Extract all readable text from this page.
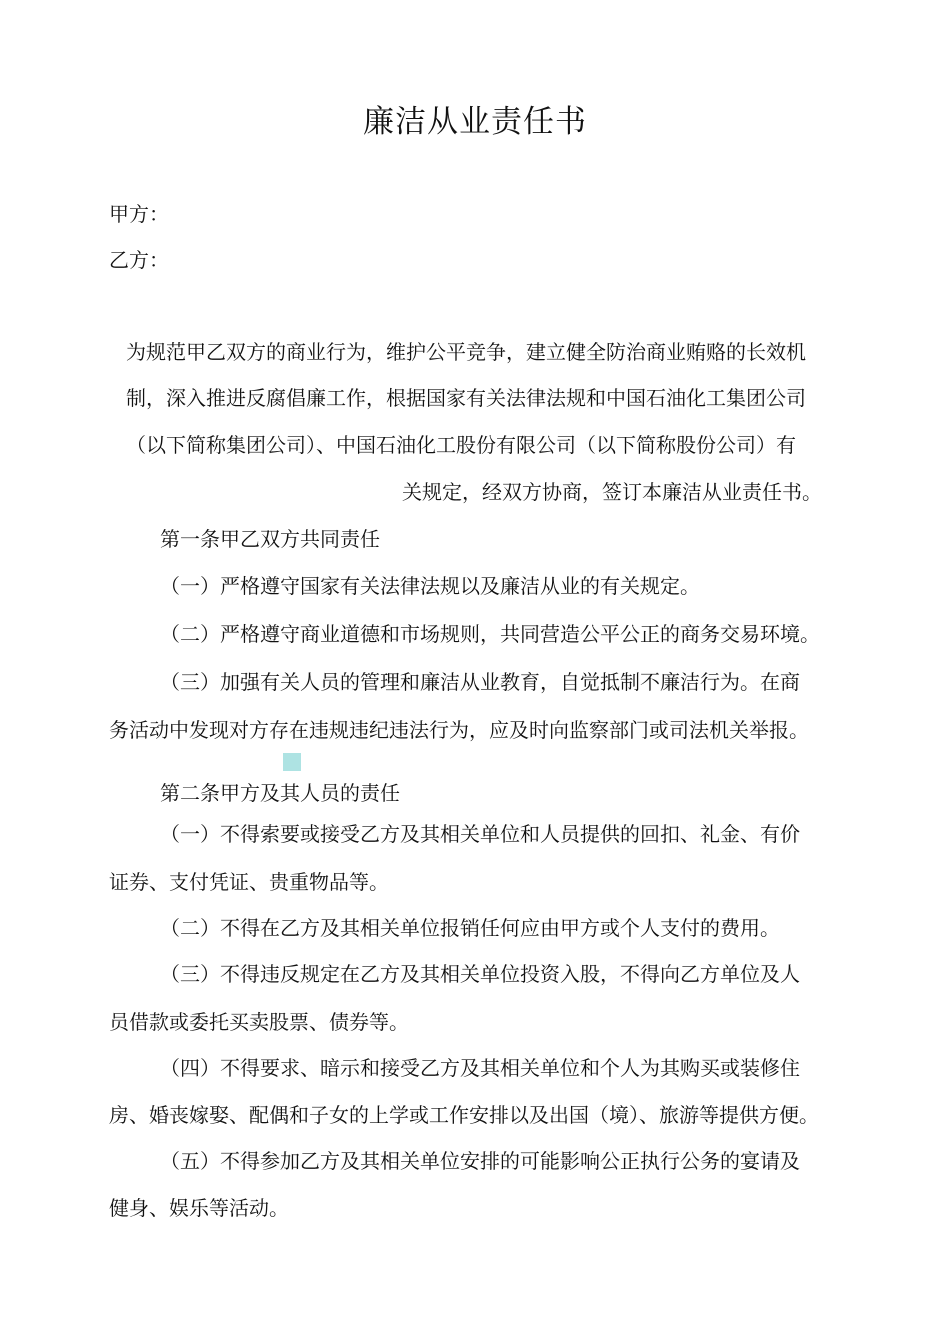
廉洁从业责任书
甲方：
乙方：
为规范甲乙双方的商业行为，维护公平竞争，建立健全防治商业贿赂的长效机
制，深入推进反腐倡廉工作，根据国家有关法律法规和中国石油化工集团公司
（以下简称集团公司）、中国石油化工股份有限公司（以下简称股份公司）有
关规定，经双方协商，签订本廉洁从业责任书。
第一条甲乙双方共同责任
（一）严格遵守国家有关法律法规以及廉洁从业的有关规定。
（二）严格遵守商业道德和市场规则，共同营造公平公正的商务交易环境。
（三）加强有关人员的管理和廉洁从业教育，自觉抵制不廉洁行为。在商
务活动中发现对方存在违规违纪违法行为，应及时向监察部门或司法机关举报。
第二条甲方及其人员的责任
（一）不得索要或接受乙方及其相关单位和人员提供的回扣、礼金、有价
证券、支付凭证、贵重物品等。
（二）不得在乙方及其相关单位报销任何应由甲方或个人支付的费用。
（三）不得违反规定在乙方及其相关单位投资入股，不得向乙方单位及人
员借款或委托买卖股票、债券等。
（四）不得要求、暗示和接受乙方及其相关单位和个人为其购买或装修住
房、婚丧嫁娶、配偶和子女的上学或工作安排以及出国（境）、旅游等提供方便。
（五）不得参加乙方及其相关单位安排的可能影响公正执行公务的宴请及
健身、娱乐等活动。
